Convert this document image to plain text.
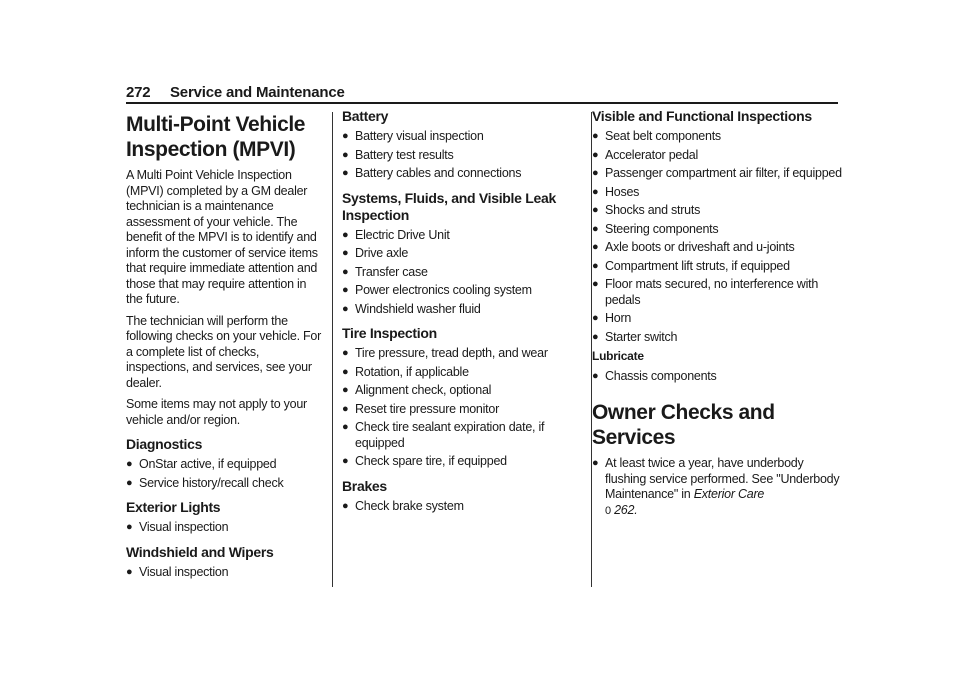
272 Service and Maintenance
Multi-Point Vehicle
Inspection (MPVI)

A Multi Point Vehicle Inspection (MPVI) completed by a GM dealer technician is a maintenance assessment of your vehicle. The benefit of the MPVI is to identify and inform the customer of service items that require immediate attention and those that may require attention in the future.

The technician will perform the following checks on your vehicle. For a complete list of checks, inspections, and services, see your dealer.

Some items may not apply to your vehicle and/or region.

Diagnostics
● OnStar active, if equipped
● Service history/recall check
Exterior Lights
● Visual inspection
Windshield and Wipers
● Visual inspection
Battery
● Battery visual inspection
● Battery test results
● Battery cables and connections
Systems, Fluids, and Visible Leak Inspection
● Electric Drive Unit
● Drive axle
● Transfer case
● Power electronics cooling system
● Windshield washer fluid
Tire Inspection
● Tire pressure, tread depth, and wear
● Rotation, if applicable
● Alignment check, optional
● Reset tire pressure monitor
● Check tire sealant expiration date, if equipped
● Check spare tire, if equipped
Brakes
● Check brake system
Visible and Functional Inspections
● Seat belt components
● Accelerator pedal
● Passenger compartment air filter, if equipped
● Hoses
● Shocks and struts
● Steering components
● Axle boots or driveshaft and u-joints
● Compartment lift struts, if equipped
● Floor mats secured, no interference with pedals
● Horn
● Starter switch
Lubricate
● Chassis components
Owner Checks and Services
● At least twice a year, have underbody flushing service performed. See "Underbody Maintenance" in Exterior Care
0 262.
